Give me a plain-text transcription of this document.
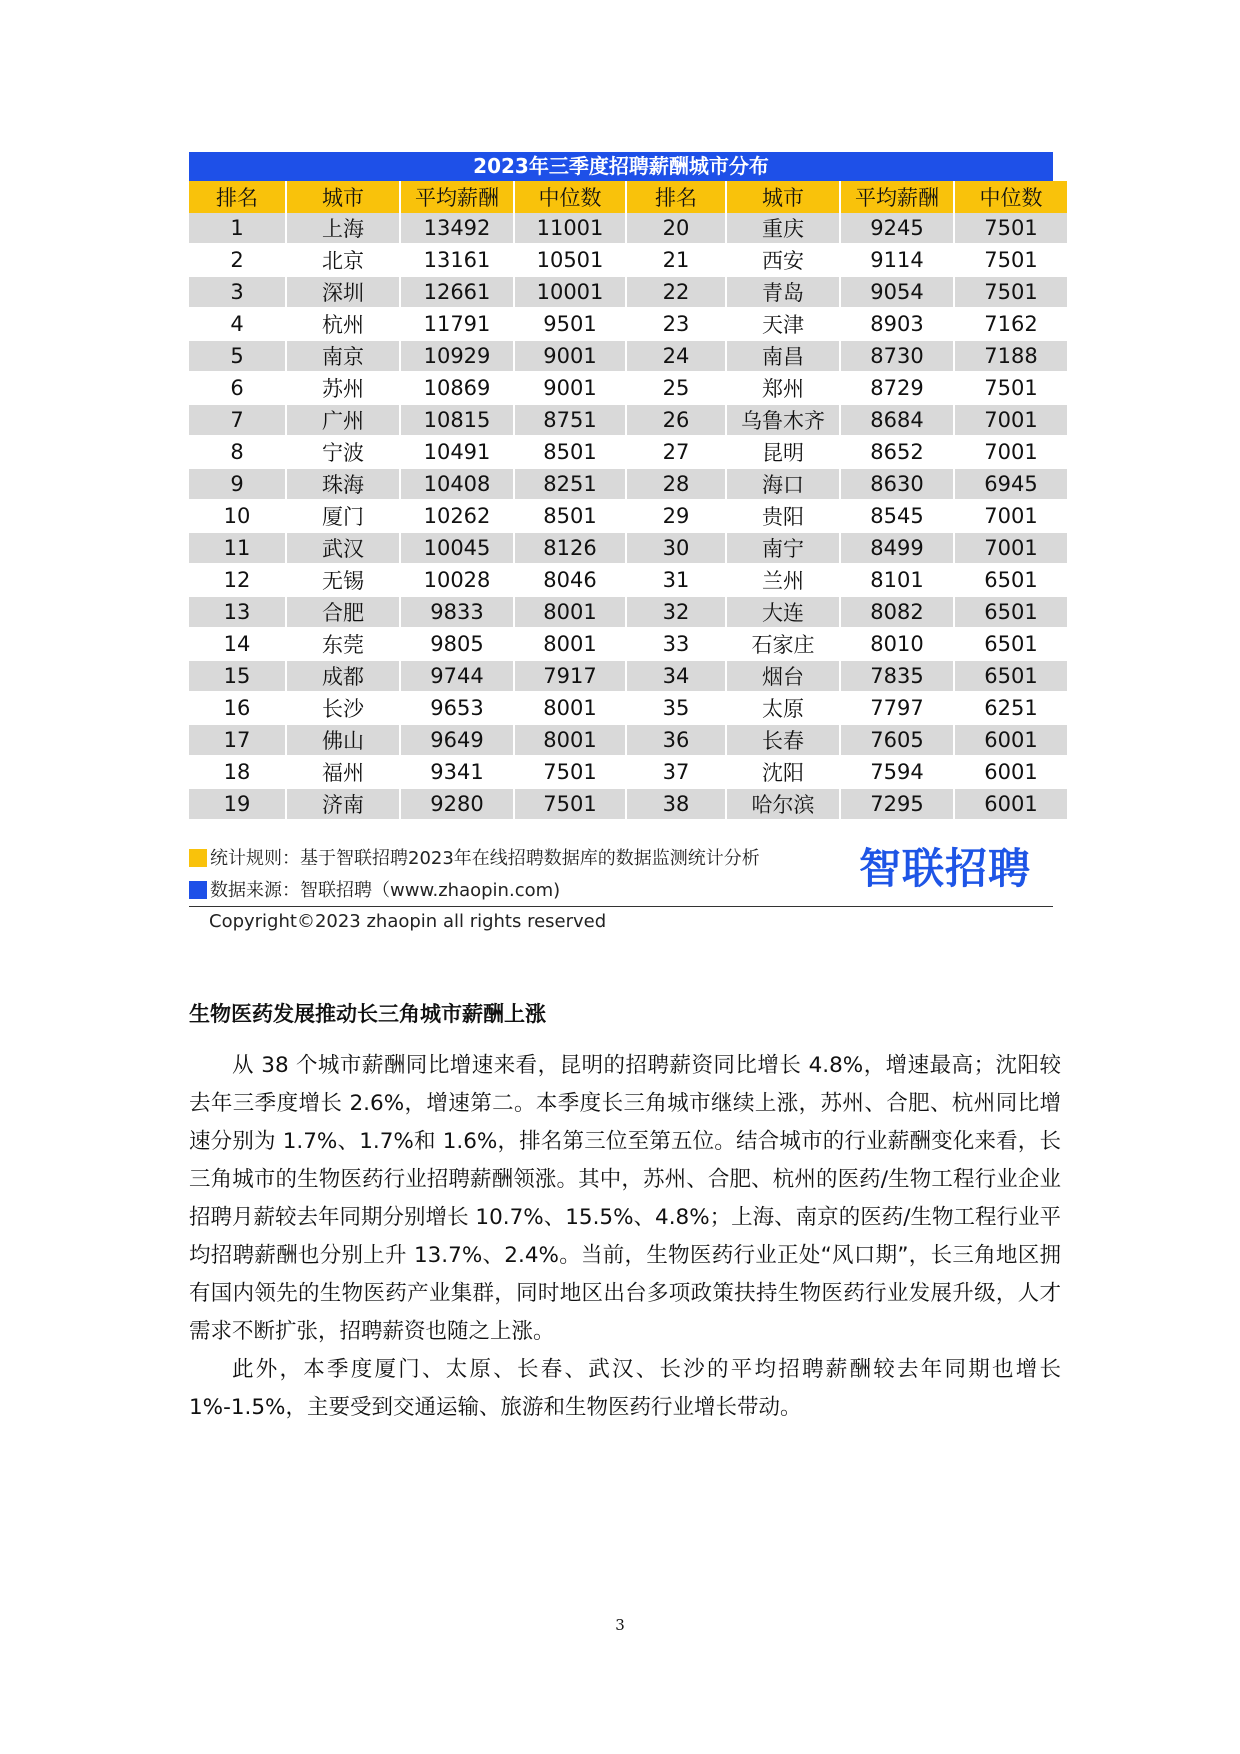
2023年三季度招聘薪酬城市分布
排名	城市	平均薪酬	中位数	排名	城市	平均薪酬	中位数
1	上海	13492	11001	20	重庆	9245	7501
2	北京	13161	10501	21	西安	9114	7501
3	深圳	12661	10001	22	青岛	9054	7501
4	杭州	11791	9501	23	天津	8903	7162
5	南京	10929	9001	24	南昌	8730	7188
6	苏州	10869	9001	25	郑州	8729	7501
7	广州	10815	8751	26	乌鲁木齐	8684	7001
8	宁波	10491	8501	27	昆明	8652	7001
9	珠海	10408	8251	28	海口	8630	6945
10	厦门	10262	8501	29	贵阳	8545	7001
11	武汉	10045	8126	30	南宁	8499	7001
12	无锡	10028	8046	31	兰州	8101	6501
13	合肥	9833	8001	32	大连	8082	6501
14	东莞	9805	8001	33	石家庄	8010	6501
15	成都	9744	7917	34	烟台	7835	6501
16	长沙	9653	8001	35	太原	7797	6251
17	佛山	9649	8001	36	长春	7605	6001
18	福州	9341	7501	37	沈阳	7594	6001
19	济南	9280	7501	38	哈尔滨	7295	6001
统计规则：基于智联招聘2023年在线招聘数据库的数据监测统计分析
数据来源：智联招聘（www.zhaopin.com)	智联招聘
Copyright©2023 zhaopin all rights reserved
生物医药发展推动长三角城市薪酬上涨
从 38 个城市薪酬同比增速来看，昆明的招聘薪资同比增长 4.8%，增速最高；沈阳较去年三季度增长 2.6%，增速第二。本季度长三角城市继续上涨，苏州、合肥、杭州同比增速分别为 1.7%、1.7%和 1.6%，排名第三位至第五位。结合城市的行业薪酬变化来看，长三角城市的生物医药行业招聘薪酬领涨。其中，苏州、合肥、杭州的医药/生物工程行业企业招聘月薪较去年同期分别增长 10.7%、15.5%、4.8%；上海、南京的医药/生物工程行业平均招聘薪酬也分别上升 13.7%、2.4%。当前，生物医药行业正处“风口期”，长三角地区拥有国内领先的生物医药产业集群，同时地区出台多项政策扶持生物医药行业发展升级，人才需求不断扩张，招聘薪资也随之上涨。
此外，本季度厦门、太原、长春、武汉、长沙的平均招聘薪酬较去年同期也增长 1%-1.5%，主要受到交通运输、旅游和生物医药行业增长带动。
3
